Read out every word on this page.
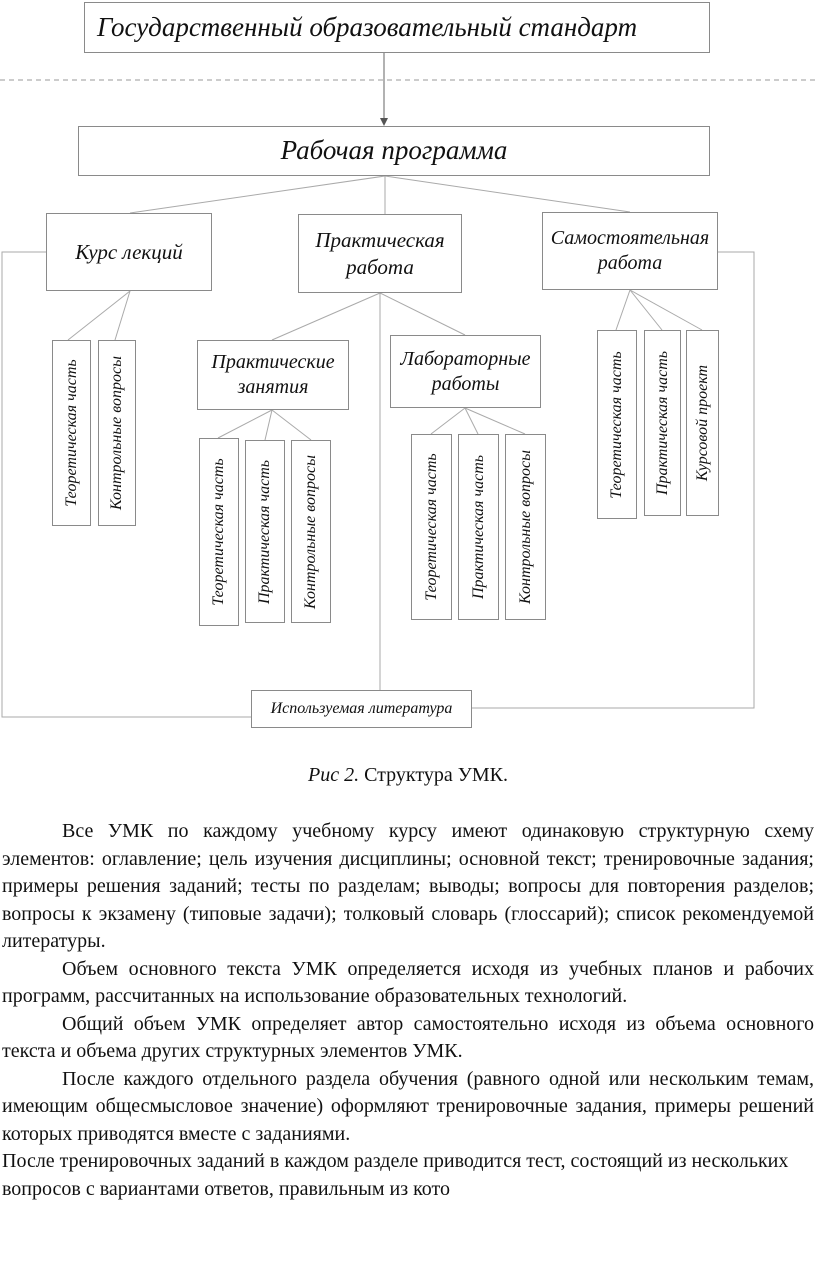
Государственный образовательный стандарт
Рабочая программа
Курс лекций	Практическая работа
Самостоятельная работа
Практические занятия
Лабораторные работы
Теоретическая часть Контрольные вопросы
Теоретическая часть Практическая часть Контрольные вопросы	Теоретическая часть Практическая часть Контрольные вопросы
Теоретическая часть Практическая часть Курсовой проект
Используемая литература
Рис 2. Структура УМК.

Все УМК по каждому учебному курсу имеют одинаковую структурную схему элементов: оглавление; цель изучения дисциплины; основной текст; тренировочные задания; примеры решения заданий; тесты по разделам; выводы; вопросы для повторения разделов; вопросы к экзамену (типовые задачи); толковый словарь (глоссарий); список рекомендуемой литературы.

Объем основного текста УМК определяется исходя из учебных планов и рабочих программ, рассчитанных на использование образовательных технологий.

Общий объем УМК определяет автор самостоятельно исходя из объема основного текста и объема других структурных элементов УМК.

После каждого отдельного раздела обучения (равного одной или нескольким темам, имеющим общесмысловое значение) оформляют тренировочные задания, примеры решений которых приводятся вместе с заданиями.

После тренировочных заданий в каждом разделе приводится тест, состоящий из нескольких вопросов с вариантами ответов, правильным из кото
